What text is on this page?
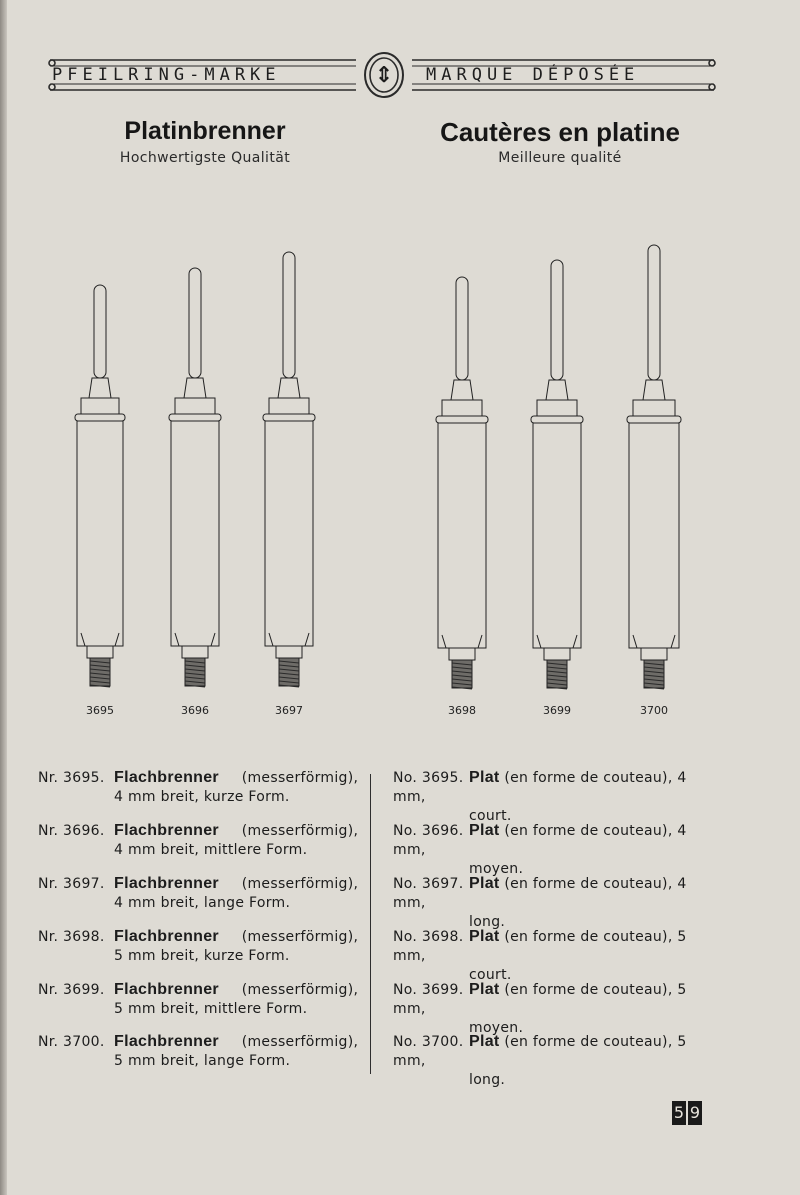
PFEILRING-MARKE	⇕	MARQUE DÉPOSÉE
Platinbrenner
Hochwertigste Qualität
Cautères en platine
Meilleure qualité
3695	3696	3697	3698	3699	3700
Nr. 3695. Flachbrenner (messerförmig),
4 mm breit, kurze Form.
Nr. 3696. Flachbrenner (messerförmig),
4 mm breit, mittlere Form.
Nr. 3697. Flachbrenner (messerförmig),
4 mm breit, lange Form.
Nr. 3698. Flachbrenner (messerförmig),
5 mm breit, kurze Form.
Nr. 3699. Flachbrenner (messerförmig),
5 mm breit, mittlere Form.
Nr. 3700. Flachbrenner (messerförmig),
5 mm breit, lange Form.
No. 3695. Plat (en forme de couteau), 4 mm,
court.
No. 3696. Plat (en forme de couteau), 4 mm,
moyen.
No. 3697. Plat (en forme de couteau), 4 mm,
long.
No. 3698. Plat (en forme de couteau), 5 mm,
court.
No. 3699. Plat (en forme de couteau), 5 mm,
moyen.
No. 3700. Plat (en forme de couteau), 5 mm,
long.
5 9
